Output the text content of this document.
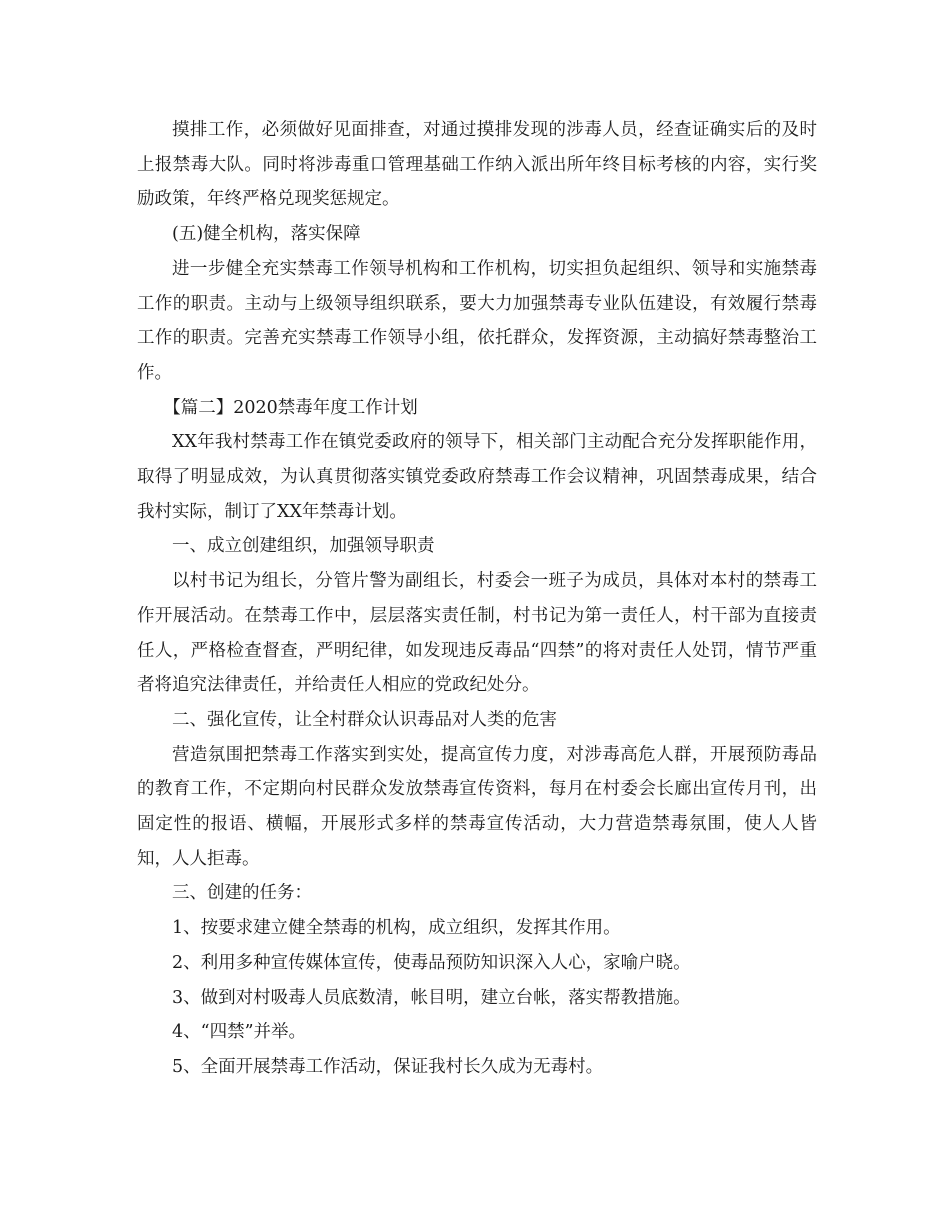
摸排工作，必须做好见面排查，对通过摸排发现的涉毒人员，经查证确实后的及时上报禁毒大队。同时将涉毒重口管理基础工作纳入派出所年终目标考核的内容，实行奖励政策，年终严格兑现奖惩规定。

(五)健全机构，落实保障

进一步健全充实禁毒工作领导机构和工作机构，切实担负起组织、领导和实施禁毒工作的职责。主动与上级领导组织联系，要大力加强禁毒专业队伍建设，有效履行禁毒工作的职责。完善充实禁毒工作领导小组，依托群众，发挥资源，主动搞好禁毒整治工作。

【篇二】2020禁毒年度工作计划

XX年我村禁毒工作在镇党委政府的领导下，相关部门主动配合充分发挥职能作用，取得了明显成效，为认真贯彻落实镇党委政府禁毒工作会议精神，巩固禁毒成果，结合我村实际，制订了XX年禁毒计划。

一、成立创建组织，加强领导职责

以村书记为组长，分管片警为副组长，村委会一班子为成员，具体对本村的禁毒工作开展活动。在禁毒工作中，层层落实责任制，村书记为第一责任人，村干部为直接责任人，严格检查督查，严明纪律，如发现违反毒品“四禁”的将对责任人处罚，情节严重者将追究法律责任，并给责任人相应的党政纪处分。

二、强化宣传，让全村群众认识毒品对人类的危害

营造氛围把禁毒工作落实到实处，提高宣传力度，对涉毒高危人群，开展预防毒品的教育工作，不定期向村民群众发放禁毒宣传资料，每月在村委会长廊出宣传月刊，出固定性的报语、横幅，开展形式多样的禁毒宣传活动，大力营造禁毒氛围，使人人皆知，人人拒毒。

三、创建的任务：

1、按要求建立健全禁毒的机构，成立组织，发挥其作用。

2、利用多种宣传媒体宣传，使毒品预防知识深入人心，家喻户晓。

3、做到对村吸毒人员底数清，帐目明，建立台帐，落实帮教措施。

4、“四禁”并举。

5、全面开展禁毒工作活动，保证我村长久成为无毒村。
